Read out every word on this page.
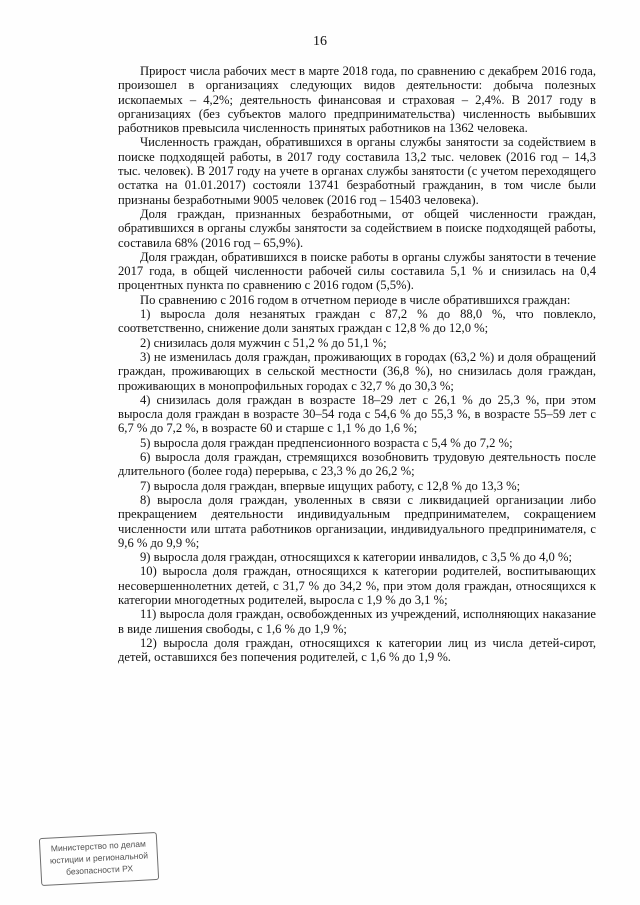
16

Прирост числа рабочих мест в марте 2018 года, по сравнению с декабрем 2016 года, произошел в организациях следующих видов деятельности: добыча полезных ископаемых – 4,2%; деятельность финансовая и страховая – 2,4%. В 2017 году в организациях (без субъектов малого предпринимательства) численность выбывших работников превысила численность принятых работников на 1362 человека.

Численность граждан, обратившихся в органы службы занятости за содействием в поиске подходящей работы, в 2017 году составила 13,2 тыс. человек (2016 год – 14,3 тыс. человек). В 2017 году на учете в органах службы занятости (с учетом переходящего остатка на 01.01.2017) состояли 13741 безработный гражданин, в том числе были признаны безработными 9005 человек (2016 год – 15403 человека).

Доля граждан, признанных безработными, от общей численности граждан, обратившихся в органы службы занятости за содействием в поиске подходящей работы, составила 68% (2016 год – 65,9%).

Доля граждан, обратившихся в поиске работы в органы службы занятости в течение 2017 года, в общей численности рабочей силы составила 5,1 % и снизилась на 0,4 процентных пункта по сравнению с 2016 годом (5,5%).

По сравнению с 2016 годом в отчетном периоде в числе обратившихся граждан:

1) выросла доля незанятых граждан с 87,2 % до 88,0 %, что повлекло, соответственно, снижение доли занятых граждан с 12,8 % до 12,0 %;

2) снизилась доля мужчин с 51,2 % до 51,1 %;

3) не изменилась доля граждан, проживающих в городах (63,2 %) и доля обращений граждан, проживающих в сельской местности (36,8 %), но снизилась доля граждан, проживающих в монопрофильных городах с 32,7 % до 30,3 %;

4) снизилась доля граждан в возрасте 18–29 лет с 26,1 % до 25,3 %, при этом выросла доля граждан в возрасте 30–54 года с 54,6 % до 55,3 %, в возрасте 55–59 лет с 6,7 % до 7,2 %, в возрасте 60 и старше с 1,1 % до 1,6 %;

5) выросла доля граждан предпенсионного возраста с 5,4 % до 7,2 %;

6) выросла доля граждан, стремящихся возобновить трудовую деятельность после длительного (более года) перерыва, с 23,3 % до 26,2 %;

7) выросла доля граждан, впервые ищущих работу, с 12,8 % до 13,3 %;

8) выросла доля граждан, уволенных в связи с ликвидацией организации либо прекращением деятельности индивидуальным предпринимателем, сокращением численности или штата работников организации, индивидуального предпринимателя, с 9,6 % до 9,9 %;

9) выросла доля граждан, относящихся к категории инвалидов, с 3,5 % до 4,0 %;

10) выросла доля граждан, относящихся к категории родителей, воспитывающих несовершеннолетних детей, с 31,7 % до 34,2 %, при этом доля граждан, относящихся к категории многодетных родителей, выросла с 1,9 % до 3,1 %;

11) выросла доля граждан, освобожденных из учреждений, исполняющих наказание в виде лишения свободы, с 1,6 % до 1,9 %;

12) выросла доля граждан, относящихся к категории лиц из числа детей-сирот, детей, оставшихся без попечения родителей, с 1,6 % до 1,9 %.

Министерство по делам
юстиции и региональной
безопасности РХ
